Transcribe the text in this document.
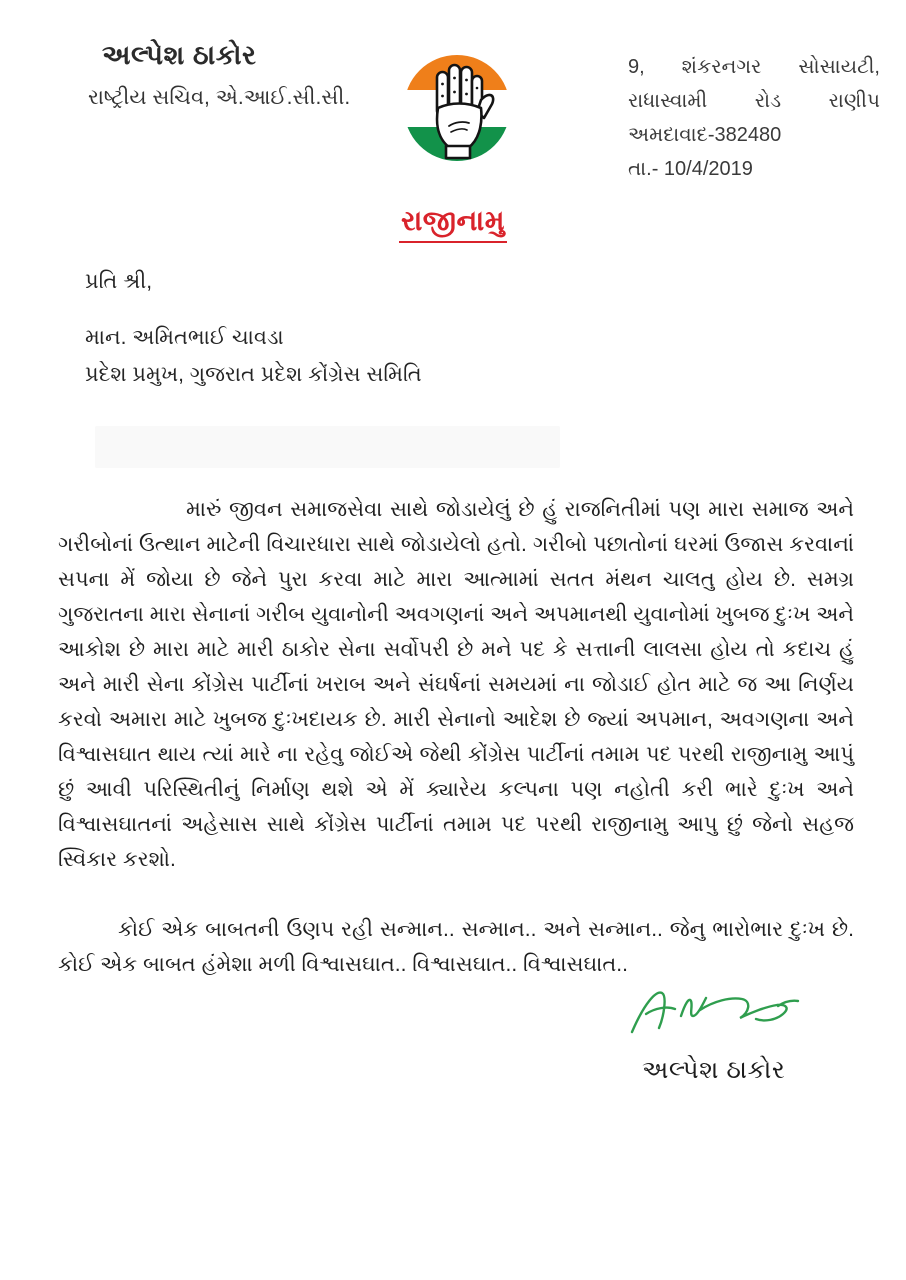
અલ્પેશ ઠાકોર
રાષ્ટ્રીય સચિવ, એ.આઈ.સી.સી.
9, શંકરનગર સોસાયટી,
રાધાસ્વામી રોડ રાણીપ
અમદાવાદ-382480
તા.- 10/4/2019
રાજીનામુ
પ્રતિ શ્રી,
માન. અમિતભાઈ ચાવડા
પ્રદેશ પ્રમુખ, ગુજરાત પ્રદેશ કોંગ્રેસ સમિતિ

મારું જીવન સમાજસેવા સાથે જોડાયેલું છે હું રાજનિતીમાં પણ મારા સમાજ અને ગરીબોનાં ઉત્થાન માટેની વિચારધારા સાથે જોડાયેલો હતો. ગરીબો પછાતોનાં ઘરમાં ઉજાસ કરવાનાં સપના મેં જોયા છે જેને પુરા કરવા માટે મારા આત્મામાં સતત મંથન ચાલતુ હોય છે. સમગ્ર ગુજરાતના મારા સેનાનાં ગરીબ યુવાનોની અવગણનાં અને અપમાનથી યુવાનોમાં ખુબજ દુઃખ અને આકોશ છે મારા માટે મારી ઠાકોર સેના સર્વોપરી છે મને પદ કે સત્તાની લાલસા હોય તો કદાચ હું અને મારી સેના કોંગ્રેસ પાર્ટીનાં ખરાબ અને સંઘર્ષનાં સમયમાં ના જોડાઈ હોત માટે જ આ નિર્ણય કરવો અમારા માટે ખુબજ દુઃખદાયક છે. મારી સેનાનો આદેશ છે જ્યાં અપમાન, અવગણના અને વિશ્વાસઘાત થાય ત્યાં મારે ના રહેવુ જોઈએ જેથી કોંગ્રેસ પાર્ટીનાં તમામ પદ પરથી રાજીનામુ આપું છું આવી પરિસ્થિતીનું નિર્માણ થશે એ મેં ક્યારેય કલ્પના પણ નહોતી કરી ભારે દુઃખ અને વિશ્વાસઘાતનાં અહેસાસ સાથે કોંગ્રેસ પાર્ટીનાં તમામ પદ પરથી રાજીનામુ આપુ છું જેનો સહજ સ્વિકાર કરશો.

કોઈ એક બાબતની ઉણપ રહી સન્માન.. સન્માન.. અને સન્માન.. જેનુ ભારોભાર દુઃખ છે. કોઈ એક બાબત હંમેશા મળી વિશ્વાસઘાત.. વિશ્વાસઘાત.. વિશ્વાસઘાત..

અલ્પેશ ઠાકોર
